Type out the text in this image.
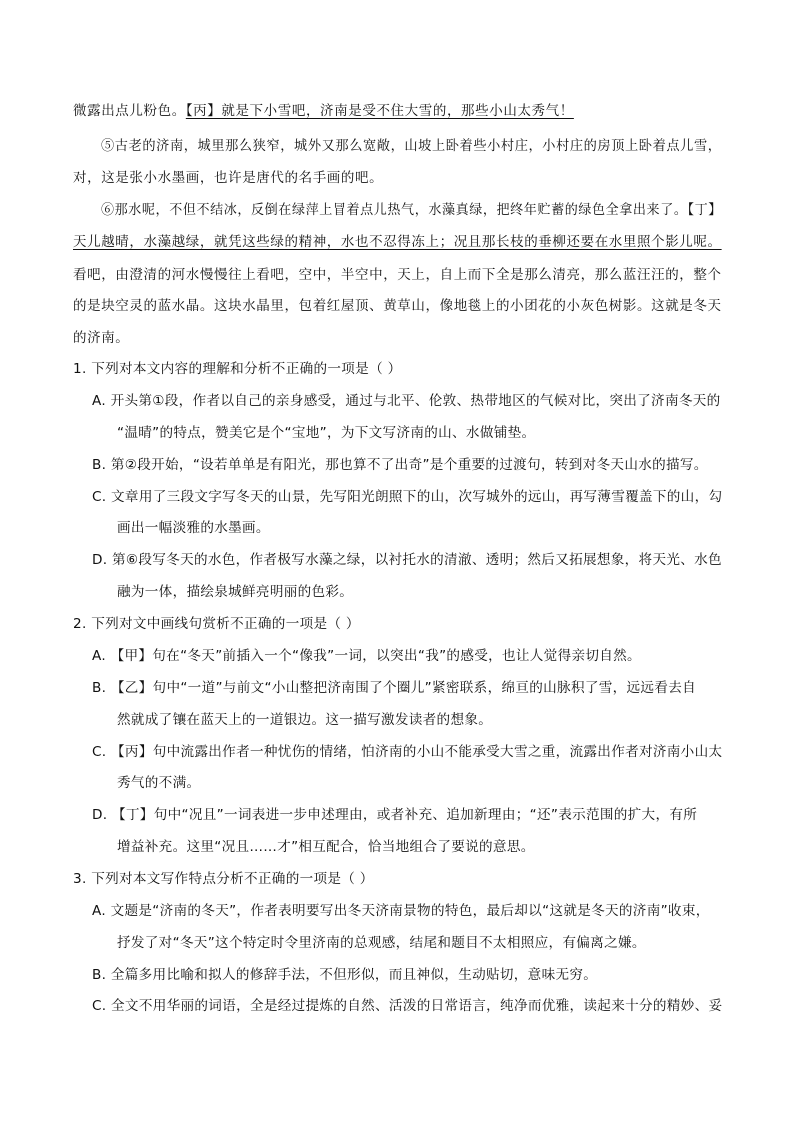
微露出点儿粉色。【丙】就是下小雪吧，济南是受不住大雪的，那些小山太秀气！
⑤古老的济南，城里那么狭窄，城外又那么宽敞，山坡上卧着些小村庄，小村庄的房顶上卧着点儿雪，
对，这是张小水墨画，也许是唐代的名手画的吧。
⑥那水呢，不但不结冰，反倒在绿萍上冒着点儿热气，水藻真绿，把终年贮蓄的绿色全拿出来了。【丁】
天儿越晴，水藻越绿，就凭这些绿的精神，水也不忍得冻上；况且那长枝的垂柳还要在水里照个影儿呢。
看吧，由澄清的河水慢慢往上看吧，空中，半空中，天上，自上而下全是那么清亮，那么蓝汪汪的，整个
的是块空灵的蓝水晶。这块水晶里，包着红屋顶、黄草山，像地毯上的小团花的小灰色树影。这就是冬天
的济南。
1. 下列对本文内容的理解和分析不正确的一项是（ ）
A. 开头第①段，作者以自己的亲身感受，通过与北平、伦敦、热带地区的气候对比，突出了济南冬天的
“温晴”的特点，赞美它是个“宝地”，为下文写济南的山、水做铺垫。
B. 第②段开始，“设若单单是有阳光，那也算不了出奇”是个重要的过渡句，转到对冬天山水的描写。
C. 文章用了三段文字写冬天的山景，先写阳光朗照下的山，次写城外的远山，再写薄雪覆盖下的山，勾
画出一幅淡雅的水墨画。
D. 第⑥段写冬天的水色，作者极写水藻之绿，以衬托水的清澈、透明；然后又拓展想象，将天光、水色
融为一体，描绘泉城鲜亮明丽的色彩。
2. 下列对文中画线句赏析不正确的一项是（ ）
A. 【甲】句在“冬天”前插入一个“像我”一词，以突出“我”的感受，也让人觉得亲切自然。
B. 【乙】句中“一道”与前文“小山整把济南围了个圈儿”紧密联系，绵亘的山脉积了雪，远远看去自
然就成了镶在蓝天上的一道银边。这一描写激发读者的想象。
C. 【丙】句中流露出作者一种忧伤的情绪，怕济南的小山不能承受大雪之重，流露出作者对济南小山太
秀气的不满。
D. 【丁】句中“况且”一词表进一步申述理由，或者补充、追加新理由；“还”表示范围的扩大，有所
增益补充。这里“况且……才”相互配合，恰当地组合了要说的意思。
3. 下列对本文写作特点分析不正确的一项是（ ）
A. 文题是“济南的冬天”，作者表明要写出冬天济南景物的特色，最后却以“这就是冬天的济南”收束，
抒发了对“冬天”这个特定时令里济南的总观感，结尾和题目不太相照应，有偏离之嫌。
B. 全篇多用比喻和拟人的修辞手法，不但形似，而且神似，生动贴切，意味无穷。
C. 全文不用华丽的词语，全是经过提炼的自然、活泼的日常语言，纯净而优雅，读起来十分的精妙、妥
